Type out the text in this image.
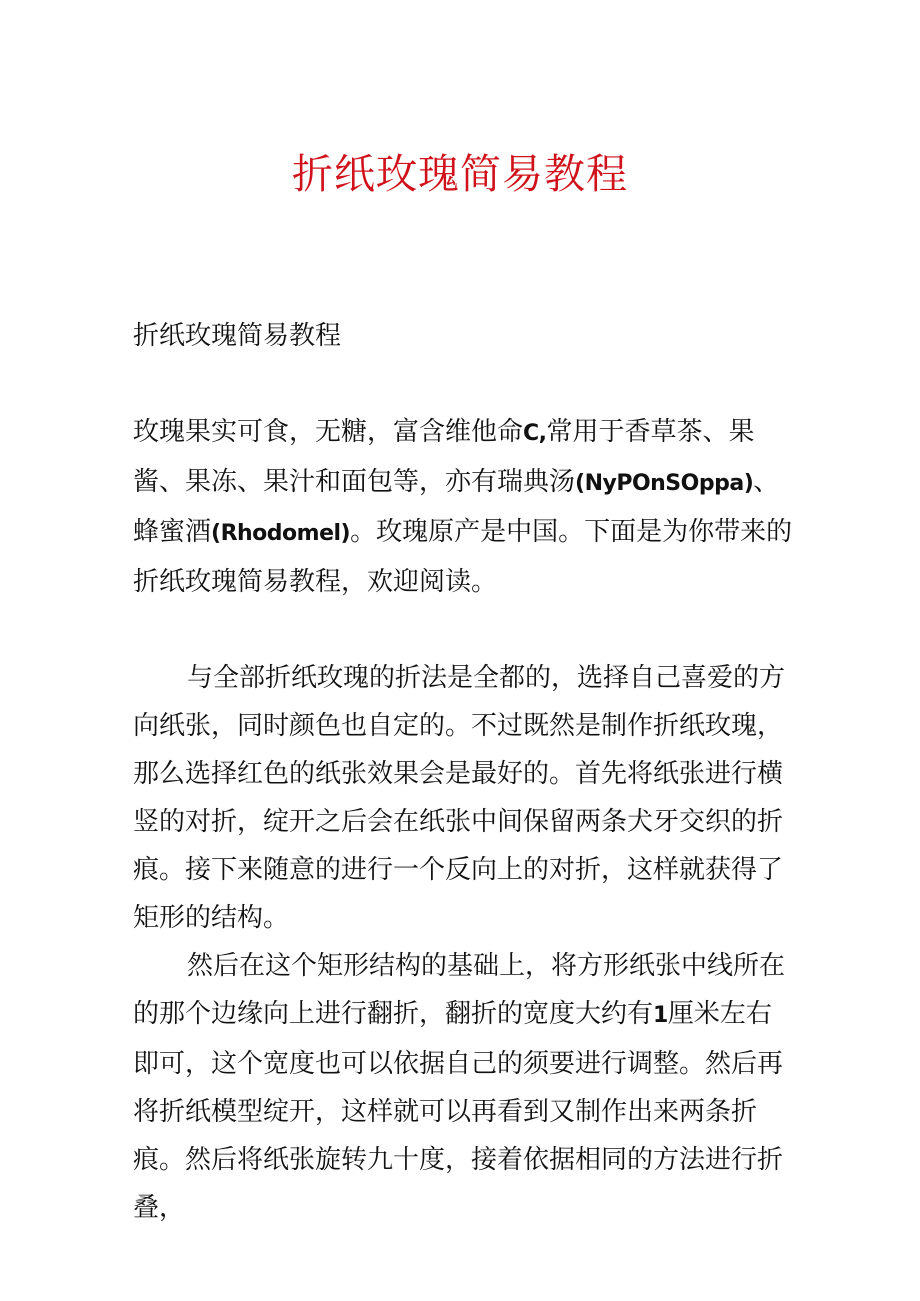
折纸玫瑰简易教程

折纸玫瑰简易教程

玫瑰果实可食，无糖，富含维他命C,常用于香草茶、果酱、果冻、果汁和面包等，亦有瑞典汤(NyPOnSOppa)、蜂蜜酒(Rhodomel)。玫瑰原产是中国。下面是为你带来的折纸玫瑰简易教程，欢迎阅读。

与全部折纸玫瑰的折法是全都的，选择自己喜爱的方向纸张，同时颜色也自定的。不过既然是制作折纸玫瑰，那么选择红色的纸张效果会是最好的。首先将纸张进行横竖的对折，绽开之后会在纸张中间保留两条犬牙交织的折痕。接下来随意的进行一个反向上的对折，这样就获得了矩形的结构。

然后在这个矩形结构的基础上，将方形纸张中线所在的那个边缘向上进行翻折，翻折的宽度大约有1厘米左右即可，这个宽度也可以依据自己的须要进行调整。然后再将折纸模型绽开，这样就可以再看到又制作出来两条折痕。然后将纸张旋转九十度，接着依据相同的方法进行折叠，
